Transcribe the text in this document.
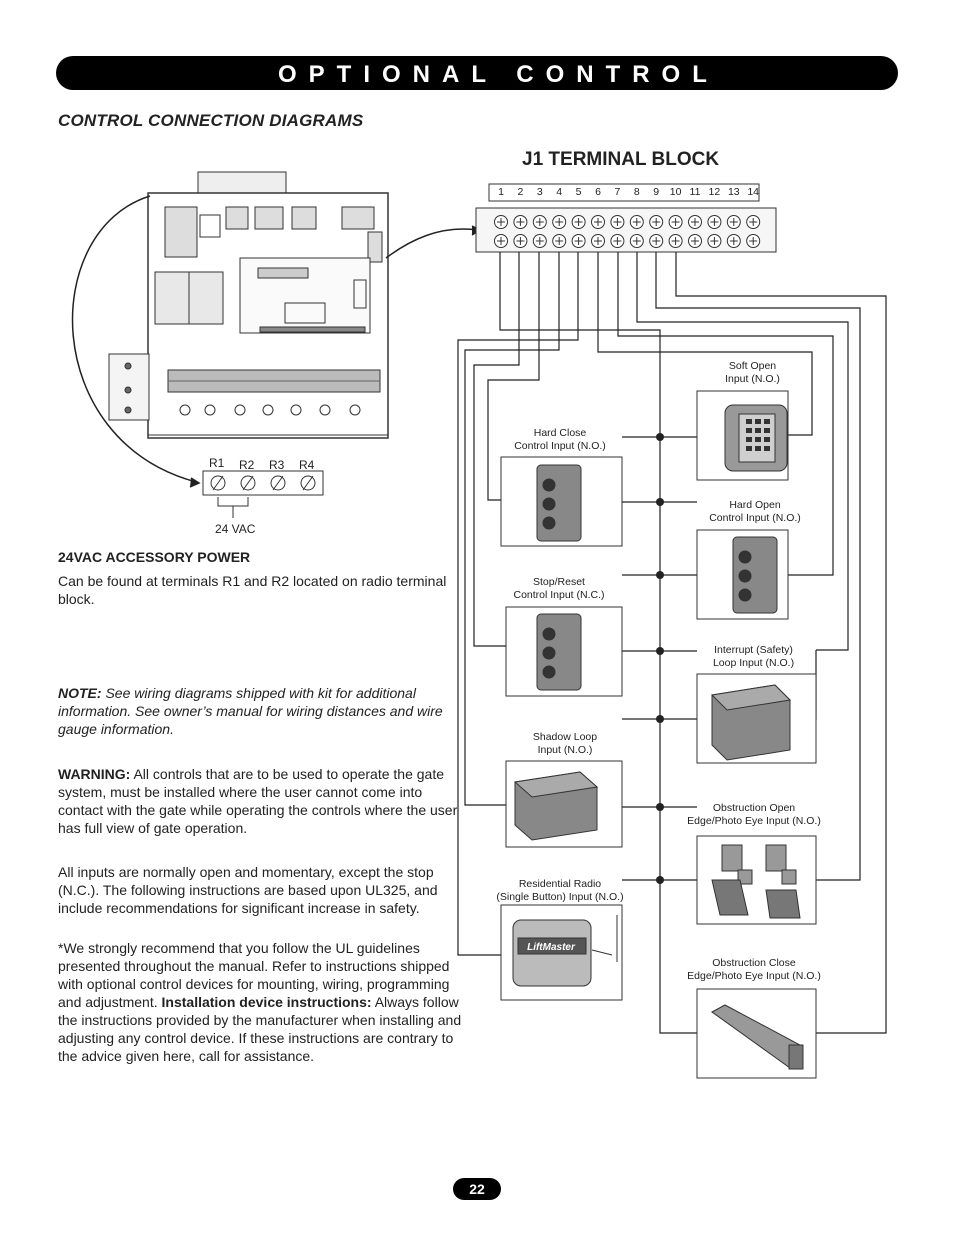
OPTIONAL CONTROL DEVICES
CONTROL CONNECTION DIAGRAMS
J1 TERMINAL BLOCK
1	2	3	4	5	6	7	8	9	10 11 12 13 14
R1 R2 R3 R4
24 VAC
Soft Open
Input (N.O.)
Hard Close
Control Input (N.O.)
Hard Open
Control Input (N.O.)
Stop/Reset
Control Input (N.C.)
Interrupt (Safety)
Loop Input (N.O.)
Shadow Loop
Input (N.O.)
Obstruction Open
Edge/Photo Eye Input (N.O.)
Residential Radio
(Single Button) Input (N.O.)
Obstruction Close
Edge/Photo Eye Input (N.O.)
LiftMaster
24VAC ACCESSORY POWER
Can be found at terminals R1 and R2 located on radio terminal block.
NOTE: See wiring diagrams shipped with kit for additional information. See owner’s manual for wiring distances and wire gauge information.
WARNING: All controls that are to be used to operate the gate system, must be installed where the user cannot come into contact with the gate while operating the controls where the user has full view of gate operation.
All inputs are normally open and momentary, except the stop (N.C.). The following instructions are based upon UL325, and include recommendations for significant increase in safety.
*We strongly recommend that you follow the UL guidelines presented throughout the manual. Refer to instructions shipped with optional control devices for mounting, wiring, programming and adjustment. Installation device instructions: Always follow the instructions provided by the manufacturer when installing and adjusting any control device. If these instructions are contrary to the advice given here, call for assistance.
22
